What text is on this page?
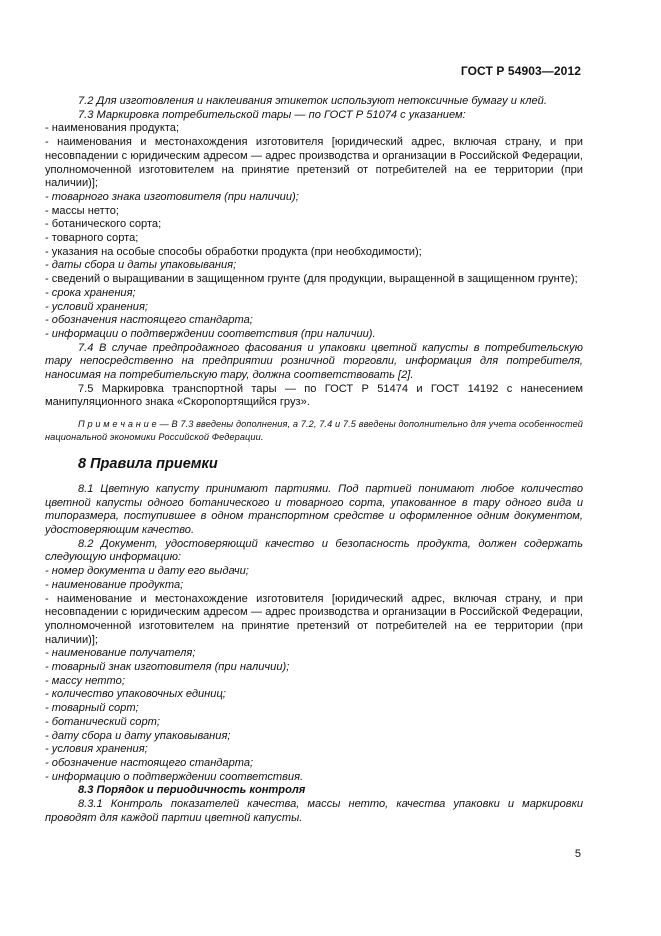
ГОСТ Р 54903—2012

7.2 Для изготовления и наклеивания этикеток используют нетоксичные бумагу и клей.

7.3 Маркировка потребительской тары — по ГОСТ Р 51074 с указанием:

- наименования продукта;

- наименования и местонахождения изготовителя [юридический адрес, включая страну, и при несовпадении с юридическим адресом — адрес производства и организации в Российской Федерации, уполномоченной изготовителем на принятие претензий от потребителей на ее территории (при наличии)];

- товарного знака изготовителя (при наличии);

- массы нетто;

- ботанического сорта;

- товарного сорта;

- указания на особые способы обработки продукта (при необходимости);

- даты сбора и даты упаковывания;

- сведений о выращивании в защищенном грунте (для продукции, выращенной в защищенном грунте);

- срока хранения;

- условий хранения;

- обозначения настоящего стандарта;

- информации о подтверждении соответствия (при наличии).

7.4 В случае предпродажного фасования и упаковки цветной капусты в потребительскую тару непосредственно на предприятии розничной торговли, информация для потребителя, наносимая на потребительскую тару, должна соответствовать [2].

7.5 Маркировка транспортной тары — по ГОСТ Р 51474 и ГОСТ 14192 с нанесением манипуляционного знака «Скоропортящийся груз».

П р и м е ч а н и е — В 7.3 введены дополнения, а 7.2, 7.4 и 7.5 введены дополнительно для учета особенностей национальной экономики Российской Федерации.

8 Правила приемки

8.1 Цветную капусту принимают партиями. Под партией понимают любое количество цветной капусты одного ботанического и товарного сорта, упакованное в тару одного вида и типоразмера, поступившее в одном транспортном средстве и оформленное одним документом, удостоверяющим качество.

8.2 Документ, удостоверяющий качество и безопасность продукта, должен содержать следующую информацию:

- номер документа и дату его выдачи;

- наименование продукта;

- наименование и местонахождение изготовителя [юридический адрес, включая страну, и при несовпадении с юридическим адресом — адрес производства и организации в Российской Федерации, уполномоченной изготовителем на принятие претензий от потребителей на ее территории (при наличии)];

- наименование получателя;

- товарный знак изготовителя (при наличии);

- массу нетто;

- количество упаковочных единиц;

- товарный сорт;

- ботанический сорт;

- дату сбора и дату упаковывания;

- условия хранения;

- обозначение настоящего стандарта;

- информацию о подтверждении соответствия.

8.3 Порядок и периодичность контроля

8.3.1 Контроль показателей качества, массы нетто, качества упаковки и маркировки проводят для каждой партии цветной капусты.

5
